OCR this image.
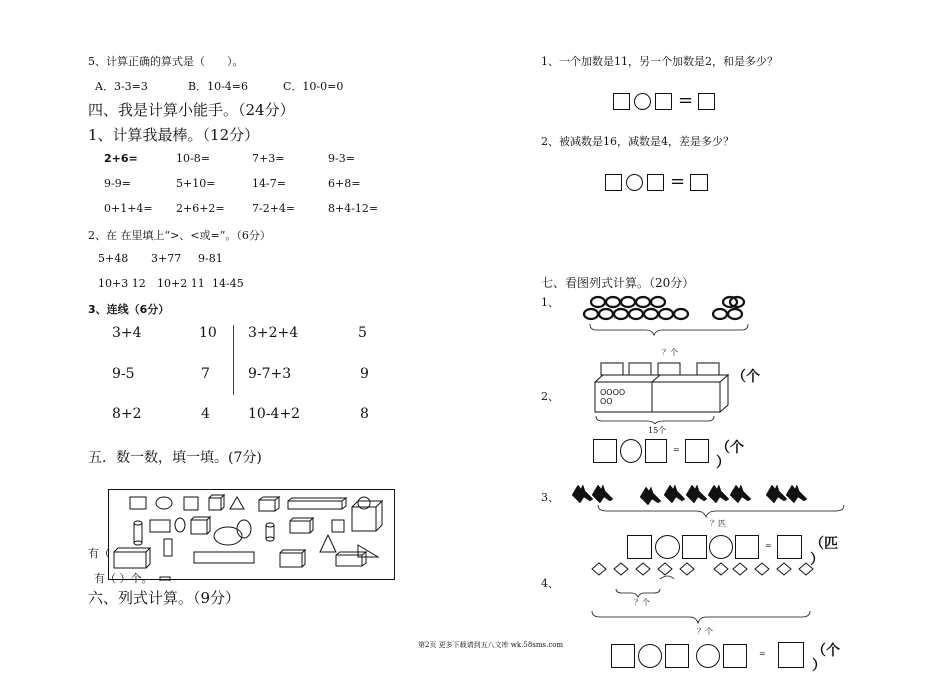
5、计算正确的算式是（　　）。
A．3-3=3	B．10-4=6	C．10-0=0
四、我是计算小能手。（24分）
1、计算我最棒。（12分）
2+6=	10-8=	7+3=	9-3=
9-9=	5+10=	14-7=	6+8=
0+1+4= 2+6+2= 7-2+4=	8+4-12=
2、在 在里填上“>、<或=”。（6分）
5+48 3+77 9-81
10+3 12 10+2 11 14-45
3、连线（6分）
3+4	10
9-5	7
8+2	4
3+2+4	5
9-7+3	9
10-4+2	8
五．数一数，填一填。(7分)
有（
有（ ）个。
六、列式计算。（9分）
1、一个加数是11，另一个加数是2，和是多少？
=
2、被减数是16，减数是4，差是多少？
=
七、看图列式计算。（20分）
1、
？个
2、	OOOO
OO
（个
15个
=	（个
）
3、
？匹
=	（匹
）
4、
？个
？个
=	（个
）
第2页 更多下载请到五八文库 wk.58sms.com
